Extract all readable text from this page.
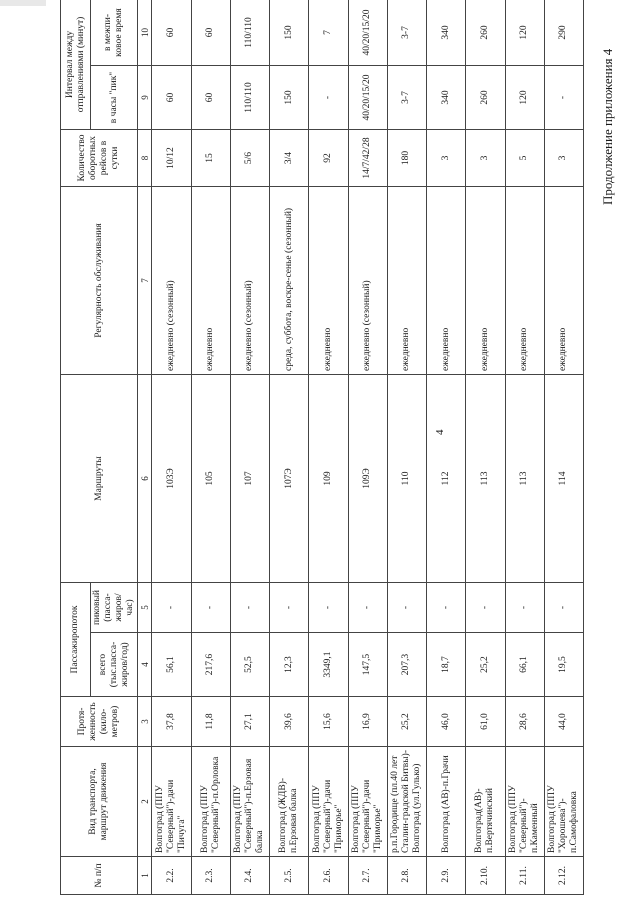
4
Продолжение приложения 4
№ п/п	Вид транспорта, маршрут движения	Протя-женность (кило-метров)	Пассажиропоток		Маршруты	Регулярность обслуживания	Количество оборотных рейсов в сутки	Интервал между отправлениями (минут)	
			всего (тыс.пасса-жиров/год)	пиковый (пасса-жиров/час)				в часы "пик"	в межпи-ковое время
1	2	3	4	5	6	7	8	9	10
2.2.	Волгоград (ППУ "Северный")-дачи "Пичуга"	37,8	56,1	-	103Э	ежедневно (сезонный)	10/12	60	60
2.3.	Волгоград (ППУ "Северный")-п.Орловка	11,8	217,6	-	105	ежедневно	15	60	60
2.4.	Волгоград (ППУ "Северный")-п.Ерзовая балка	27,1	52,5	-	107	ежедневно (сезонный)	5/6	110/110	110/110
2.5.	Волгоград (ЖДВ)-п.Ерзовая балка	39,6	12,3	-	107Э	среда, суббота, воскре-сенье (сезонный)	3/4	150	150
2.6.	Волгоград (ППУ "Северный")-дачи "Приморье"	15,6	3349,1	-	109	ежедневно	92	-	7
2.7.	Волгоград (ППУ "Северный")-дачи "Приморье"	16,9	147,5	-	109Э	ежедневно (сезонный)	14/7/42/28	40/20/15/20	40/20/15/20
2.8.	р.п.Городище (пл.40 лет Сталин-градской Битвы)-Волгоград (ул.Гулько)	25,2	207,3	-	110	ежедневно	180	3-7	3-7
2.9.	Волгоград (АВ)-п.Грачи	46,0	18,7	-	112	ежедневно	3	340	340
2.10.	Волгоград(АВ)-п.Вертячинский	61,0	25,2	-	113	ежедневно	3	260	260
2.11.	Волгоград (ППУ "Северный")-п.Каменный	28,6	66,1	-	113	ежедневно	5	120	120
2.12.	Волгоград (ППУ "Хорошева")-п.Самофаловка	44,0	19,5	-	114	ежедневно	3	-	290
